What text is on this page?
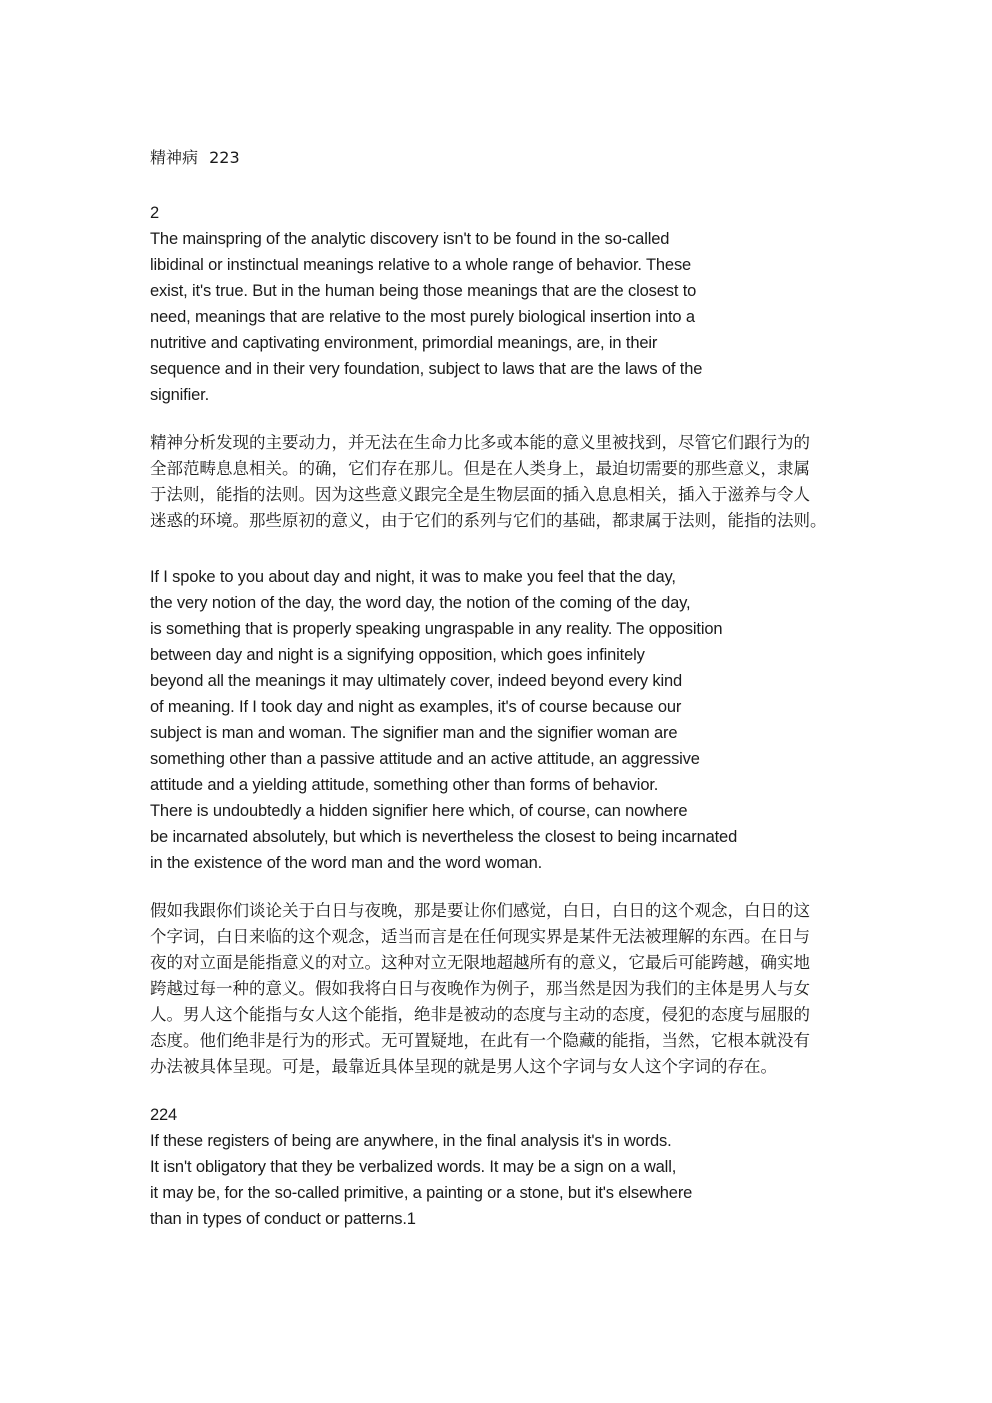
精神病 223
2
The mainspring of the analytic discovery isn't to be found in the so-called
libidinal or instinctual meanings relative to a whole range of behavior. These
exist, it's true. But in the human being those meanings that are the closest to
need, meanings that are relative to the most purely biological insertion into a
nutritive and captivating environment, primordial meanings, are, in their
sequence and in their very foundation, subject to laws that are the laws of the
signifier.
精神分析发现的主要动力，并无法在生命力比多或本能的意义里被找到，尽管它们跟行为的
全部范畴息息相关。的确，它们存在那儿。但是在人类身上，最迫切需要的那些意义，隶属
于法则，能指的法则。因为这些意义跟完全是生物层面的插入息息相关，插入于滋养与令人
迷惑的环境。那些原初的意义，由于它们的系列与它们的基础，都隶属于法则，能指的法则。
If I spoke to you about day and night, it was to make you feel that the day,
the very notion of the day, the word day, the notion of the coming of the day,
is something that is properly speaking ungraspable in any reality. The opposition
between day and night is a signifying opposition, which goes infinitely
beyond all the meanings it may ultimately cover, indeed beyond every kind
of meaning. If I took day and night as examples, it's of course because our
subject is man and woman. The signifier man and the signifier woman are
something other than a passive attitude and an active attitude, an aggressive
attitude and a yielding attitude, something other than forms of behavior.
There is undoubtedly a hidden signifier here which, of course, can nowhere
be incarnated absolutely, but which is nevertheless the closest to being incarnated
in the existence of the word man and the word woman.
假如我跟你们谈论关于白日与夜晚，那是要让你们感觉，白日，白日的这个观念，白日的这
个字词，白日来临的这个观念，适当而言是在任何现实界是某件无法被理解的东西。在日与
夜的对立面是能指意义的对立。这种对立无限地超越所有的意义，它最后可能跨越，确实地
跨越过每一种的意义。假如我将白日与夜晚作为例子，那当然是因为我们的主体是男人与女
人。男人这个能指与女人这个能指，绝非是被动的态度与主动的态度，侵犯的态度与屈服的
态度。他们绝非是行为的形式。无可置疑地，在此有一个隐藏的能指，当然，它根本就没有
办法被具体呈现。可是，最靠近具体呈现的就是男人这个字词与女人这个字词的存在。
224
If these registers of being are anywhere, in the final analysis it's in words.
It isn't obligatory that they be verbalized words. It may be a sign on a wall,
it may be, for the so-called primitive, a painting or a stone, but it's elsewhere
than in types of conduct or patterns.1
